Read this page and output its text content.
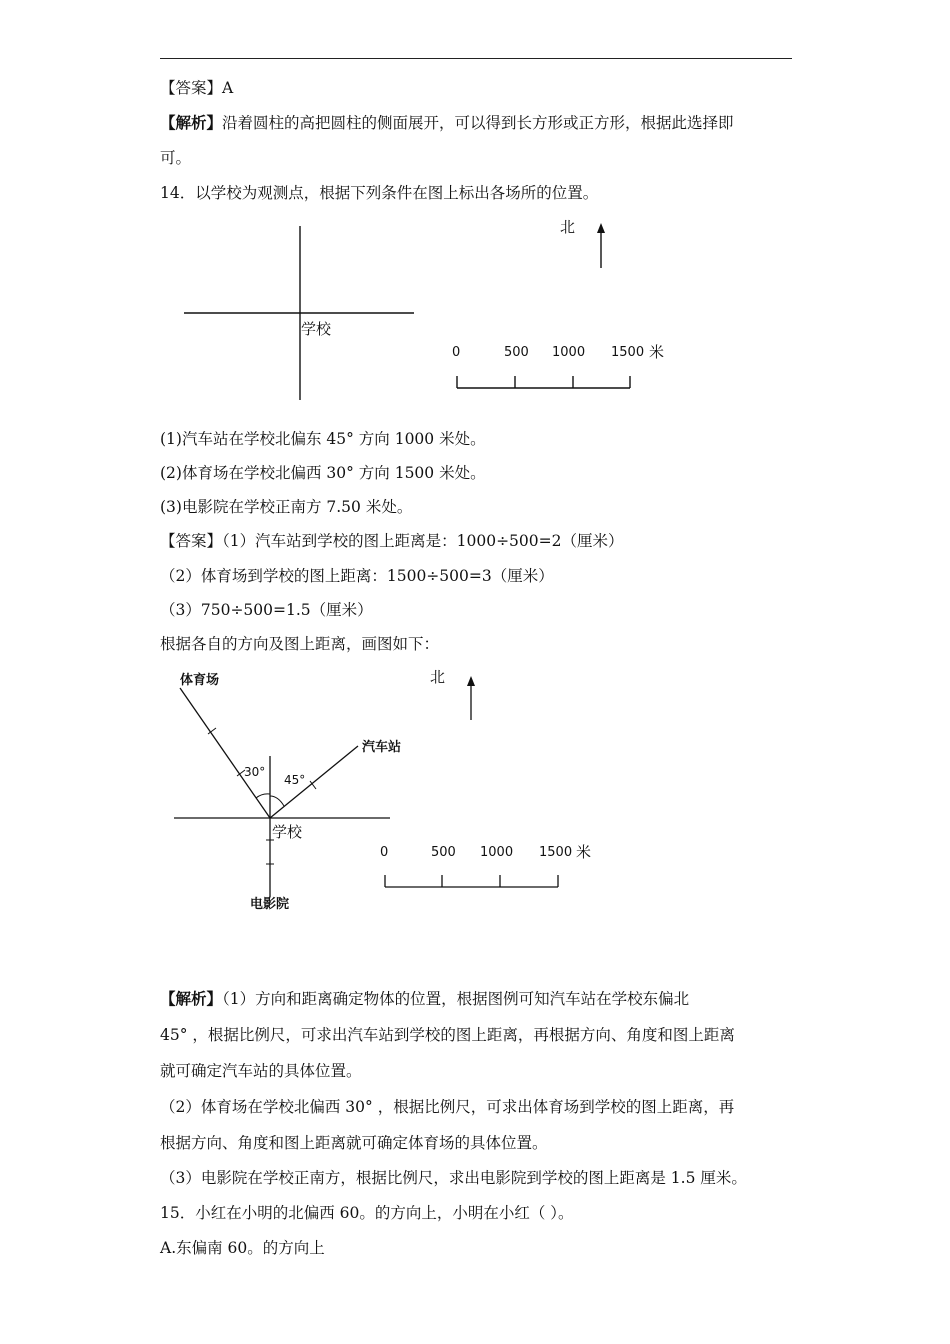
【答案】A
【解析】沿着圆柱的高把圆柱的侧面展开，可以得到长方形或正方形，根据此选择即
可。
14．以学校为观测点，根据下列条件在图上标出各场所的位置。
学校
北
0	500 1000 1500 米
(1)汽车站在学校北偏东 45° 方向 1000 米处。
(2)体育场在学校北偏西 30° 方向 1500 米处。
(3)电影院在学校正南方 7.50 米处。
【答案】（1）汽车站到学校的图上距离是：1000÷500=2（厘米）
（2）体育场到学校的图上距离：1500÷500=3（厘米）
（3）750÷500=1.5（厘米）
根据各自的方向及图上距离，画图如下：
体育场
汽车站
30°
45°
学校
电影院
北
0	500 1000 1500 米
【解析】（1）方向和距离确定物体的位置，根据图例可知汽车站在学校东偏北
45° ，根据比例尺，可求出汽车站到学校的图上距离，再根据方向、角度和图上距离
就可确定汽车站的具体位置。
（2）体育场在学校北偏西 30° ，根据比例尺，可求出体育场到学校的图上距离，再
根据方向、角度和图上距离就可确定体育场的具体位置。
（3）电影院在学校正南方，根据比例尺，求出电影院到学校的图上距离是 1.5 厘米。
15．小红在小明的北偏西 60。的方向上，小明在小红（ ）。
A.东偏南 60。的方向上
